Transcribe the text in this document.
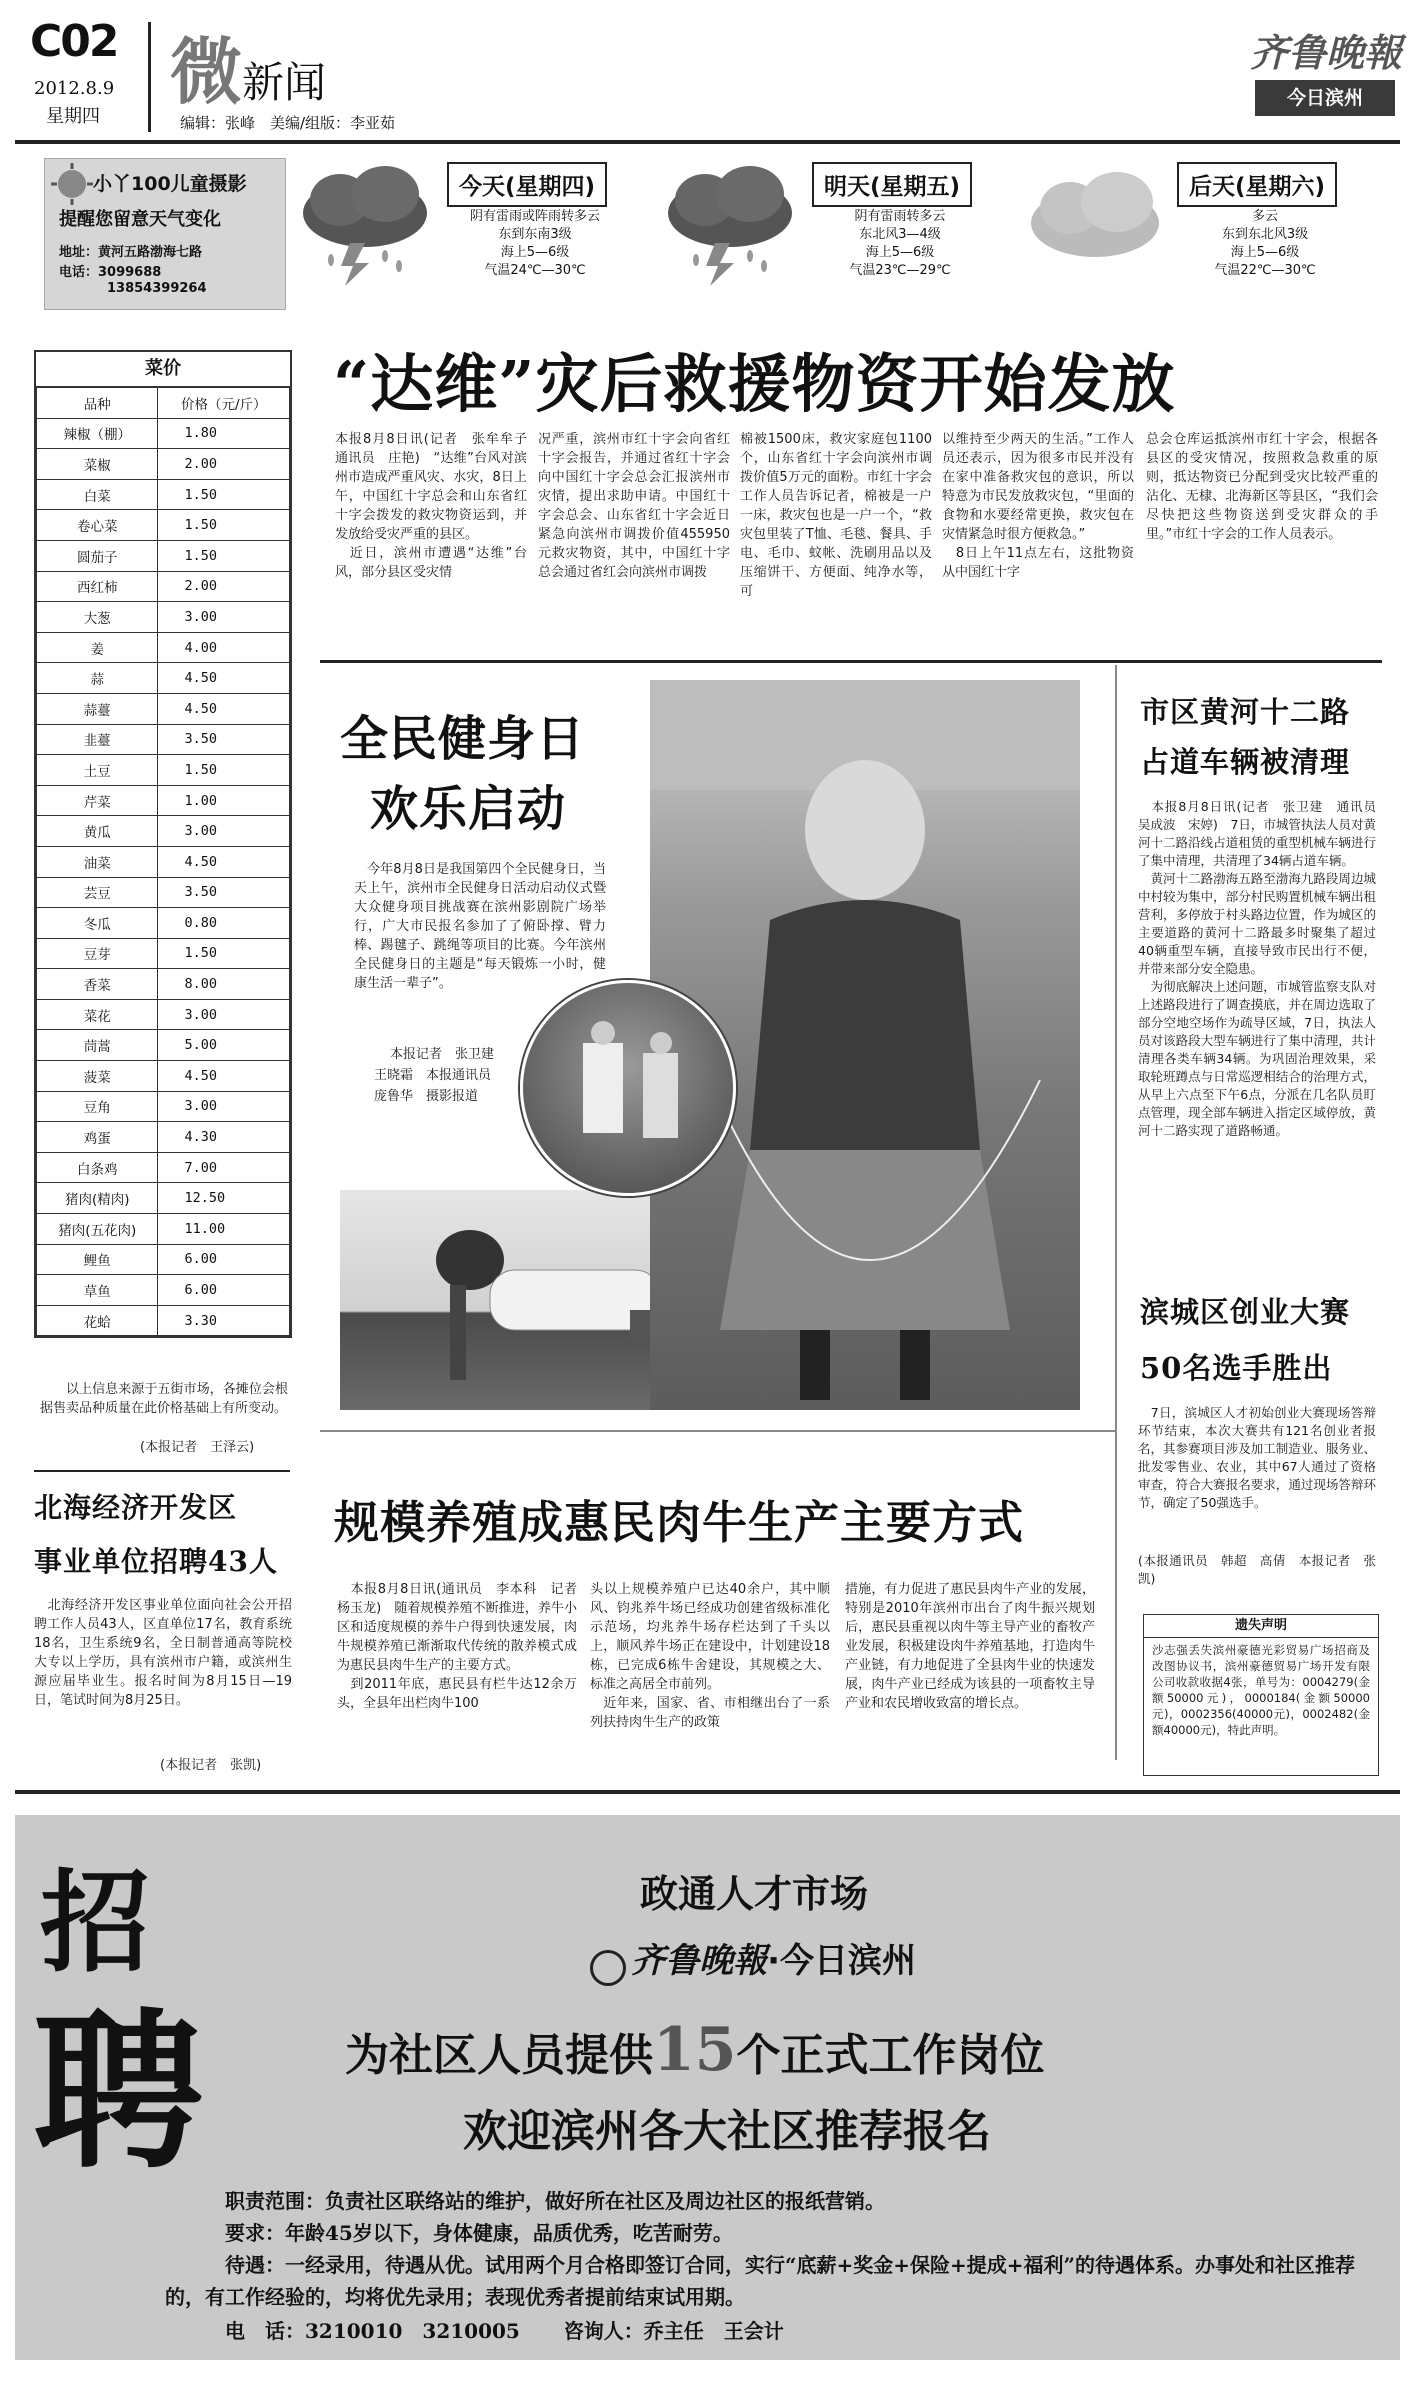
C02
2012.8.9
星期四
微新闻
编辑：张峰　美编/组版：李亚茹
齐鲁晚報
今日滨州
小丫100儿童摄影
提醒您留意天气变化
地址：黄河五路渤海七路
电话：3099688
13854399264
今天(星期四)
阴有雷雨或阵雨转多云
东到东南3级
海上5—6级
气温24℃—30℃
明天(星期五)
阴有雷雨转多云
东北风3—4级
海上5—6级
气温23℃—29℃
后天(星期六)
多云
东到东北风3级
海上5—6级
气温22℃—30℃
菜价
品种	价格（元/斤）
辣椒（棚）	1.80
菜椒	2.00
白菜	1.50
卷心菜	1.50
圆茄子	1.50
西红柿	2.00
大葱	3.00
姜	4.00
蒜	4.50
蒜薹	4.50
韭薹	3.50
土豆	1.50
芹菜	1.00
黄瓜	3.00
油菜	4.50
芸豆	3.50
冬瓜	0.80
豆芽	1.50
香菜	8.00
菜花	3.00
茼蒿	5.00
菠菜	4.50
豆角	3.00
鸡蛋	4.30
白条鸡	7.00
猪肉(精肉)	12.50
猪肉(五花肉)	11.00
鲤鱼	6.00
草鱼	6.00
花蛤	3.30
以上信息来源于五街市场，各摊位会根据售卖品种质量在此价格基础上有所变动。
(本报记者　王泽云)
“达维”灾后救援物资开始发放
本报8月8日讯(记者　张牟牟子　通讯员　庄艳)　“达维”台风对滨州市造成严重风灾、水灾，8日上午，中国红十字总会和山东省红十字会拨发的救灾物资运到，并发放给受灾严重的县区。
　近日，滨州市遭遇“达维”台风，部分县区受灾情
况严重，滨州市红十字会向省红十字会报告，并通过省红十字会向中国红十字会总会汇报滨州市灾情，提出求助申请。中国红十字会总会、山东省红十字会近日紧急向滨州市调拨价值455950元救灾物资，其中，中国红十字总会通过省红会向滨州市调拨
棉被1500床，救灾家庭包1100个，山东省红十字会向滨州市调拨价值5万元的面粉。市红十字会工作人员告诉记者，棉被是一户一床，救灾包也是一户一个，“救灾包里装了T恤、毛毯、餐具、手电、毛巾、蚊帐、洗刷用品以及压缩饼干、方便面、纯净水等，可
以维持至少两天的生活。”工作人员还表示，因为很多市民并没有在家中准备救灾包的意识，所以特意为市民发放救灾包，“里面的食物和水要经常更换，救灾包在灾情紧急时很方便救急。”
　8日上午11点左右，这批物资从中国红十字
总会仓库运抵滨州市红十字会，根据各县区的受灾情况，按照救急救重的原则，抵达物资已分配到受灾比较严重的沾化、无棣、北海新区等县区，“我们会尽快把这些物资送到受灾群众的手里。”市红十字会的工作人员表示。
全民健身日
欢乐启动
　今年8月8日是我国第四个全民健身日，当天上午，滨州市全民健身日活动启动仪式暨大众健身项目挑战赛在滨州影剧院广场举行，广大市民报名参加了了俯卧撑、臂力棒、踢毽子、跳绳等项目的比赛。今年滨州全民健身日的主题是“每天锻炼一小时，健康生活一辈子”。
本报记者　张卫建
王晓霜　本报通讯员
庞鲁华　摄影报道
市区黄河十二路
占道车辆被清理
　本报8月8日讯(记者　张卫建　通讯员　吴成波　宋婷)　7日，市城管执法人员对黄河十二路沿线占道租赁的重型机械车辆进行了集中清理，共清理了34辆占道车辆。
　黄河十二路渤海五路至渤海九路段周边城中村较为集中，部分村民购置机械车辆出租营利，多停放于村头路边位置，作为城区的主要道路的黄河十二路最多时聚集了超过40辆重型车辆，直接导致市民出行不便，并带来部分安全隐患。
　为彻底解决上述问题，市城管监察支队对上述路段进行了调查摸底，并在周边选取了部分空地空场作为疏导区域，7日，执法人员对该路段大型车辆进行了集中清理，共计清理各类车辆34辆。为巩固治理效果，采取轮班蹲点与日常巡逻相结合的治理方式，从早上六点至下午6点，分派在几名队员盯点管理，现全部车辆进入指定区域停放，黄河十二路实现了道路畅通。
滨城区创业大赛
50名选手胜出
　7日，滨城区人才初始创业大赛现场答辩环节结束，本次大赛共有121名创业者报名，其参赛项目涉及加工制造业、服务业、批发零售业、农业，其中67人通过了资格审查，符合大赛报名要求，通过现场答辩环节，确定了50强选手。
(本报通讯员　韩超　高倩　本报记者　张凯)
遗失声明
沙志强丢失滨州豪德光彩贸易广场招商及改图协议书，滨州豪德贸易广场开发有限公司收款收据4张，单号为：0004279(金额50000元)，0000184(金额50000元)，0002356(40000元)，0002482(金额40000元)，特此声明。
北海经济开发区
事业单位招聘43人
　北海经济开发区事业单位面向社会公开招聘工作人员43人，区直单位17名，教育系统18名，卫生系统9名，全日制普通高等院校大专以上学历，具有滨州市户籍，或滨州生源应届毕业生。报名时间为8月15日—19日，笔试时间为8月25日。
(本报记者　张凯)
规模养殖成惠民肉牛生产主要方式
　本报8月8日讯(通讯员　李本科　记者　杨玉龙)　随着规模养殖不断推进，养牛小区和适度规模的养牛户得到快速发展，肉牛规模养殖已渐渐取代传统的散养模式成为惠民县肉牛生产的主要方式。
　到2011年底，惠民县有栏牛达12余万头，全县年出栏肉牛100
头以上规模养殖户已达40余户，其中顺风、钧兆养牛场已经成功创建省级标准化示范场，均兆养牛场存栏达到了千头以上，顺风养牛场正在建设中，计划建设18栋，已完成6栋牛舍建设，其规模之大、标准之高居全市前列。
　近年来，国家、省、市相继出台了一系列扶持肉牛生产的政策
措施，有力促进了惠民县肉牛产业的发展，特别是2010年滨州市出台了肉牛振兴规划后，惠民县重视以肉牛等主导产业的畜牧产业发展，积极建设肉牛养殖基地，打造肉牛产业链，有力地促进了全县肉牛业的快速发展，肉牛产业已经成为该县的一项畜牧主导产业和农民增收致富的增长点。
招
聘
政通人才市场
齐鲁晚報·今日滨州
为社区人员提供15个正式工作岗位
欢迎滨州各大社区推荐报名
职责范围：负责社区联络站的维护，做好所在社区及周边社区的报纸营销。
要求：年龄45岁以下，身体健康，品质优秀，吃苦耐劳。
待遇：一经录用，待遇从优。试用两个月合格即签订合同，实行“底薪+奖金+保险+提成+福利”的待遇体系。办事处和社区推荐的，有工作经验的，均将优先录用；表现优秀者提前结束试用期。
电　话：3210010　3210005 咨询人：乔主任　王会计
